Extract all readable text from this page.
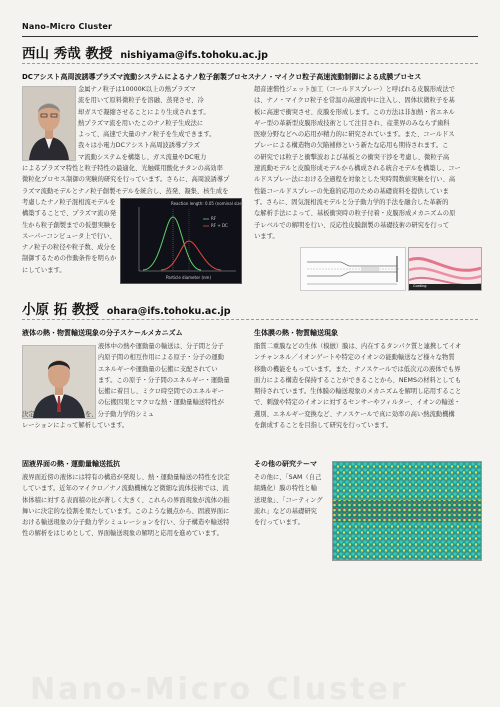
Nano-Micro Cluster
西山 秀哉 教授 nishiyama@ifs.tohoku.ac.jp
DCアシスト高周波誘導プラズマ流動システムによるナノ粒子創製プロセス
金属ナノ粒子は10000K以上の熱プラズマ
流を用いて原料微粒子を溶融、蒸発させ、冷
却ガスで凝縮させることにより生成されます。
熱プラズマ流を用いたこのナノ粒子生成法に
よって、高速で大量のナノ粒子を生成できます。
我々は小電力DCアシスト高周波誘導プラズ
マ流動システムを構築し、ガス流量やDC電力
によるプラズマ特性と粒子特性の最適化、光触媒用酸化チタンの高効率
微粒化プロセス制御の実験的研究を行っています。さらに、高周波誘導プ
ラズマ流動モデルとナノ粒子創製モデルを統合し、蒸発、凝集、核生成を
考慮したナノ粒子混相流モデルを
構築することで、プラズマ流の発
生から粒子創製までの仮想実験を
スーパーコンピュータ上で行い、
ナノ粒子の粒径や粒子数、成分を
制御するための作動条件を明らか
にしています。
Reaction length: 0.05 (nominal size)
RF
RF + DC
Particle diameter (nm)
ナノ・マイクロ粒子高速流動制御による成膜プロセス
超音速慣性ジェット加工（コールドスプレー）と呼ばれる皮膜形成法で
は、ナノ・マイクロ粒子を常温の高速流中に注入し、固体状微粒子を基
板に高速で衝突させ、皮膜を形成します。この方法は非加熱・省エネル
ギー型の革新型皮膜形成技術として注目され、産業界のみならず歯科
医療分野などへの応用が精力的に研究されています。また、コールドス
プレーによる構造物の欠陥補修という新たな応用も期待されます。こ
の研究では粒子と衝撃波および基板との衝突干渉を考慮し、微粒子高
速流動モデルと皮膜形成モデルから構成される統合モデルを構築し、コー
ルドスプレー法における全過程を対象とした実時間数値実験を行い、高
性能コールドスプレーの先進的応用のための基礎資料を提供していま
す。さらに、固気混相流モデルと分子動力学的手法を融合した革新的
な解析手法によって、基板衝突時の粒子付着・皮膜形成メカニズムの原
子レベルでの解明を行い、反応性皮膜創製の基礎技術の研究を行って
います。
Coating
小原 拓 教授 ohara@ifs.tohoku.ac.jp
液体の熱・物質輸送現象の分子スケールメカニズム
液体中の熱や運動量の輸送は、分子間と分子
内原子間の相互作用による原子・分子の運動
エネルギーや運動量の伝搬に支配されてい
ます。この原子・分子間のエネルギー・運動量
伝搬に着目し、ミクロ時空間でのエネルギー
の伝搬因果とマクロな熱・運動量輸送特性が
決定されるメカニズムを、分子動力学的シミュ
レーションによって解析しています。
生体膜の熱・物質輸送現象
脂質二重膜などの生体（模倣）膜は、内在するタンパク質と連携してイオ
ンチャンネル／イオンゲートや特定のイオンの能動輸送など様々な物質
移動の機能をもっています。また、ナノスケールでは低次元の液体でも界
面力による構造を保持することができることから、NEMSの材料としても
期待されています。生体膜の輸送現象のメカニズムを解明し応用すること
で、刺激や特定のイオンに対するセンサーやフィルター、イオンの輸送・
選別、エネルギー変換など、ナノスケールで真に効率の高い熱流動機構
を創成することを目指して研究を行っています。
固液界面の熱・運動量輸送抵抗
液界面近傍の液体には特有の構造が発現し、熱・運動量輸送の特性を決定
しています。近年のマイクロ／ナノ流動機械など微細な流体技術では、流
体体積に対する表面積の比が著しく大きく、これらの界面現象が流体の振
舞いに決定的な役割を果たしています。このような観点から、固液界面に
おける輸送現象の分子動力学シミュレーションを行い、分子構造や輸送特
性の解析をはじめとして、界面輸送現象の解明と応用を進めています。
その他の研究テーマ
その他に、「SAM（自己
組織化）膜の特性と輸
送現象」、「コーティング
流れ」などの基礎研究
を行っています。
Nano-Micro Cluster
